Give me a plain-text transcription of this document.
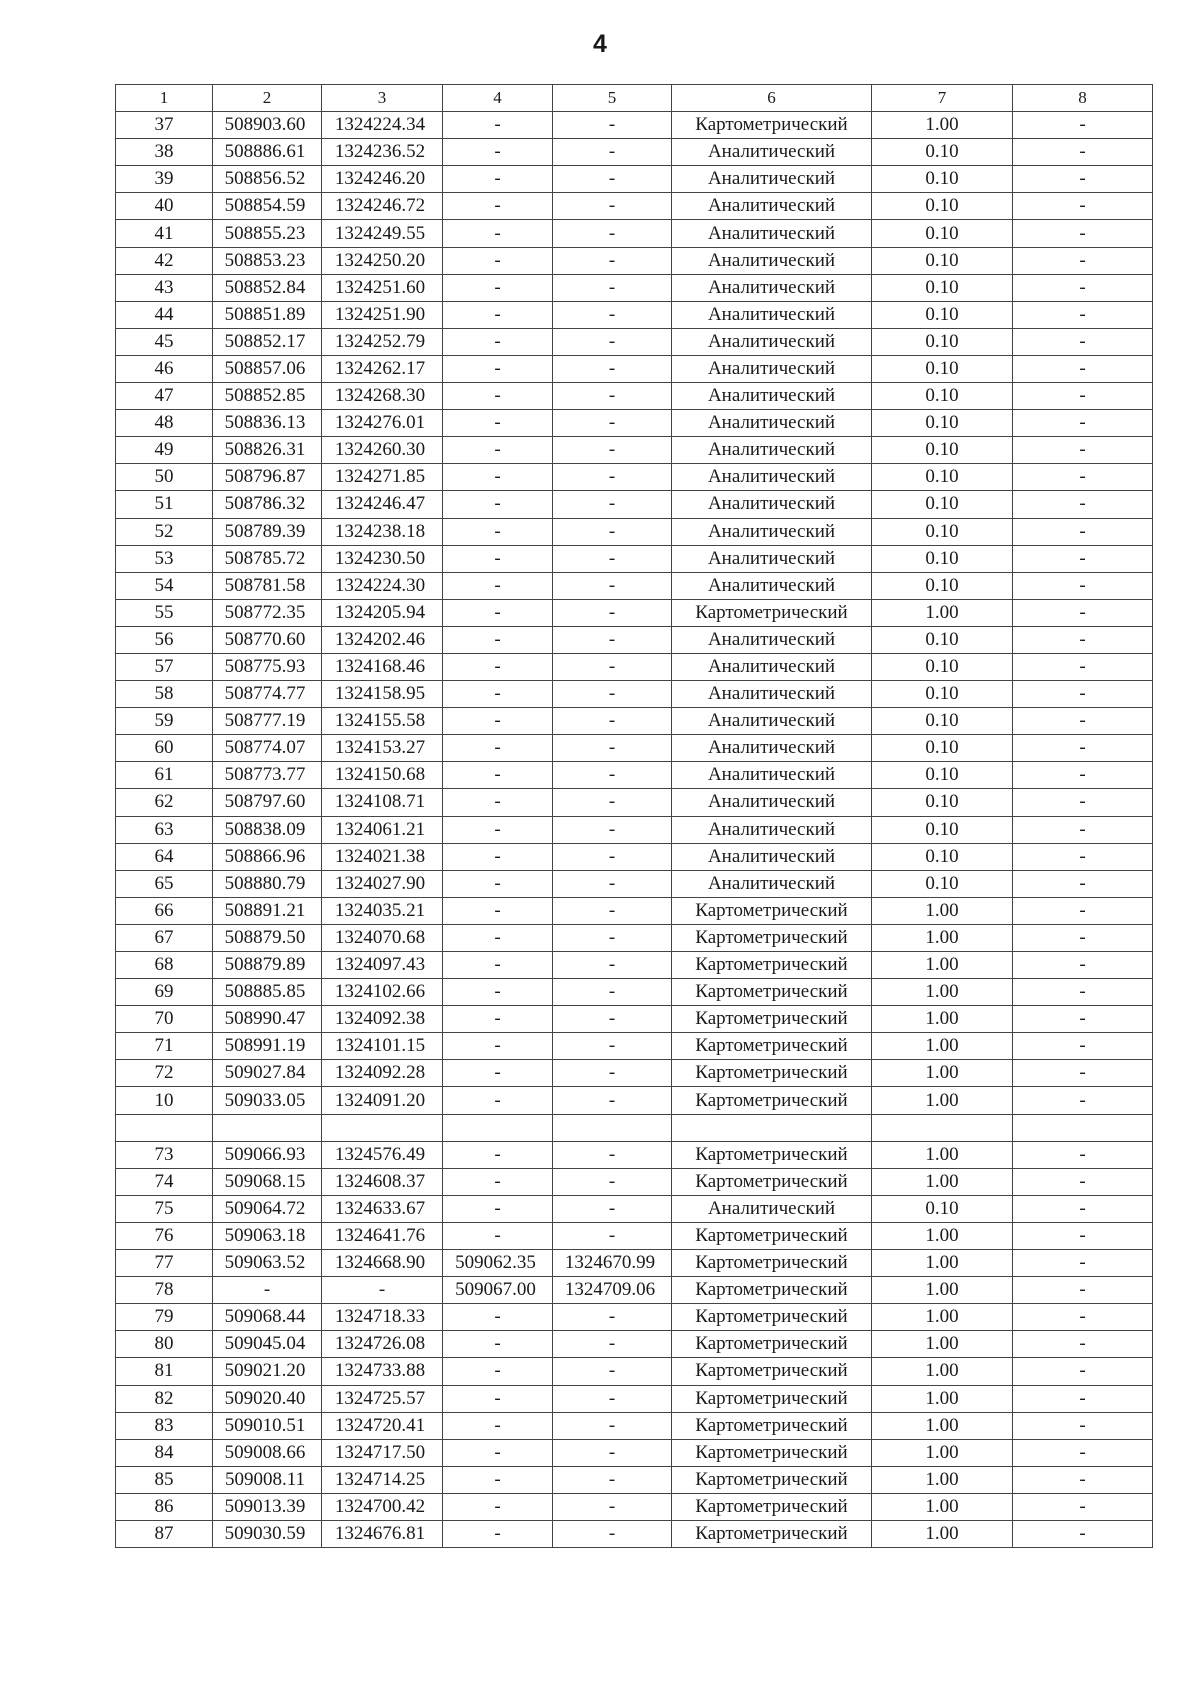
4
1	2	3	4	5	6	7	8
37	508903.60	1324224.34	-	-	Картометрический	1.00	-
38	508886.61	1324236.52	-	-	Аналитический	0.10	-
39	508856.52	1324246.20	-	-	Аналитический	0.10	-
40	508854.59	1324246.72	-	-	Аналитический	0.10	-
41	508855.23	1324249.55	-	-	Аналитический	0.10	-
42	508853.23	1324250.20	-	-	Аналитический	0.10	-
43	508852.84	1324251.60	-	-	Аналитический	0.10	-
44	508851.89	1324251.90	-	-	Аналитический	0.10	-
45	508852.17	1324252.79	-	-	Аналитический	0.10	-
46	508857.06	1324262.17	-	-	Аналитический	0.10	-
47	508852.85	1324268.30	-	-	Аналитический	0.10	-
48	508836.13	1324276.01	-	-	Аналитический	0.10	-
49	508826.31	1324260.30	-	-	Аналитический	0.10	-
50	508796.87	1324271.85	-	-	Аналитический	0.10	-
51	508786.32	1324246.47	-	-	Аналитический	0.10	-
52	508789.39	1324238.18	-	-	Аналитический	0.10	-
53	508785.72	1324230.50	-	-	Аналитический	0.10	-
54	508781.58	1324224.30	-	-	Аналитический	0.10	-
55	508772.35	1324205.94	-	-	Картометрический	1.00	-
56	508770.60	1324202.46	-	-	Аналитический	0.10	-
57	508775.93	1324168.46	-	-	Аналитический	0.10	-
58	508774.77	1324158.95	-	-	Аналитический	0.10	-
59	508777.19	1324155.58	-	-	Аналитический	0.10	-
60	508774.07	1324153.27	-	-	Аналитический	0.10	-
61	508773.77	1324150.68	-	-	Аналитический	0.10	-
62	508797.60	1324108.71	-	-	Аналитический	0.10	-
63	508838.09	1324061.21	-	-	Аналитический	0.10	-
64	508866.96	1324021.38	-	-	Аналитический	0.10	-
65	508880.79	1324027.90	-	-	Аналитический	0.10	-
66	508891.21	1324035.21	-	-	Картометрический	1.00	-
67	508879.50	1324070.68	-	-	Картометрический	1.00	-
68	508879.89	1324097.43	-	-	Картометрический	1.00	-
69	508885.85	1324102.66	-	-	Картометрический	1.00	-
70	508990.47	1324092.38	-	-	Картометрический	1.00	-
71	508991.19	1324101.15	-	-	Картометрический	1.00	-
72	509027.84	1324092.28	-	-	Картометрический	1.00	-
10	509033.05	1324091.20	-	-	Картометрический	1.00	-

73	509066.93	1324576.49	-	-	Картометрический	1.00	-
74	509068.15	1324608.37	-	-	Картометрический	1.00	-
75	509064.72	1324633.67	-	-	Аналитический	0.10	-
76	509063.18	1324641.76	-	-	Картометрический	1.00	-
77	509063.52	1324668.90	509062.35	1324670.99	Картометрический	1.00	-
78	-	-	509067.00	1324709.06	Картометрический	1.00	-
79	509068.44	1324718.33	-	-	Картометрический	1.00	-
80	509045.04	1324726.08	-	-	Картометрический	1.00	-
81	509021.20	1324733.88	-	-	Картометрический	1.00	-
82	509020.40	1324725.57	-	-	Картометрический	1.00	-
83	509010.51	1324720.41	-	-	Картометрический	1.00	-
84	509008.66	1324717.50	-	-	Картометрический	1.00	-
85	509008.11	1324714.25	-	-	Картометрический	1.00	-
86	509013.39	1324700.42	-	-	Картометрический	1.00	-
87	509030.59	1324676.81	-	-	Картометрический	1.00	-
